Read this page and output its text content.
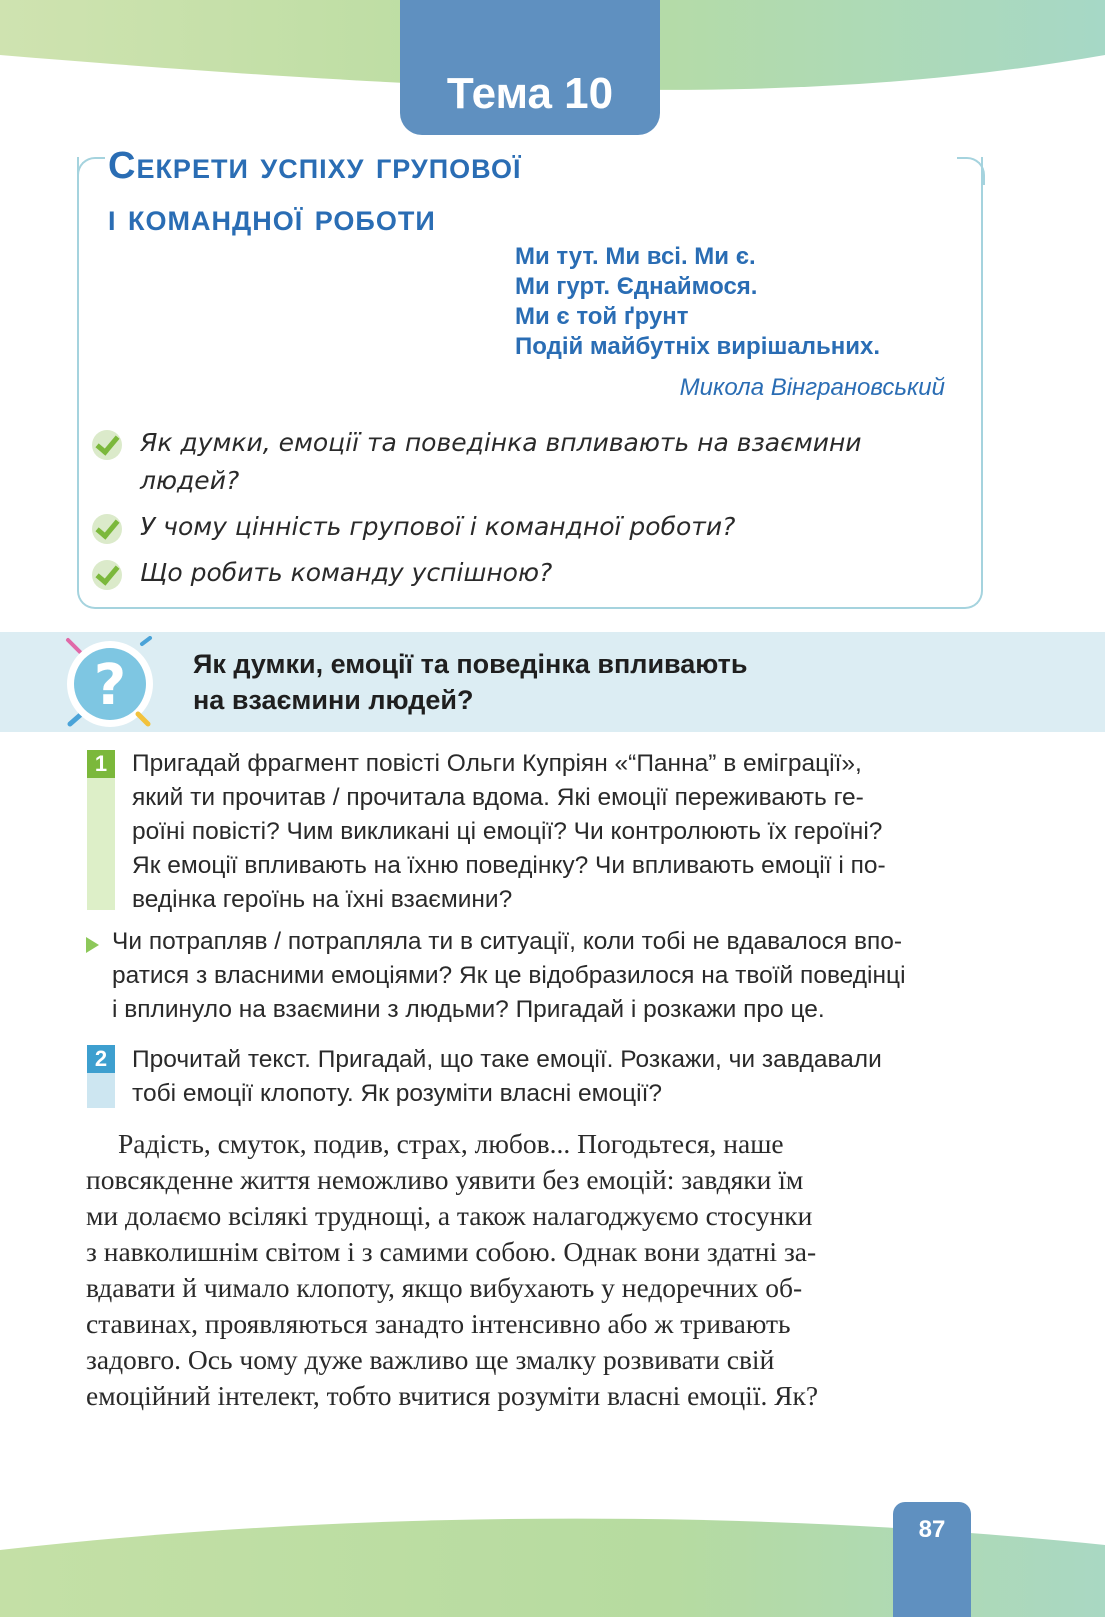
Тема 10
Секрети успіху групової
і командної роботи
Ми тут. Ми всі. Ми є.
Ми гурт. Єднаймося.
Ми є той ґрунт
Подій майбутніх вирішальних.
Микола Вінграновський
Як думки, емоції та поведінка впливають на взаємини людей?
У чому цінність групової і командної роботи?
Що робить команду успішною?
? Як думки, емоції та поведінка впливають
на взаємини людей?
1	Пригадай фрагмент повісті Ольги Купріян «“Панна” в еміграції»,
який ти прочитав / прочитала вдома. Які емоції переживають ге-
роїні повісті? Чим викликані ці емоції? Чи контролюють їх героїні?
Як емоції впливають на їхню поведінку? Чи впливають емоції і по-
ведінка героїнь на їхні взаємини?
Чи потрапляв / потрапляла ти в ситуації, коли тобі не вдавалося впо-
ратися з власними емоціями? Як це відобразилося на твоїй поведінці
і вплинуло на взаємини з людьми? Пригадай і розкажи про це.
2	Прочитай текст. Пригадай, що таке емоції. Розкажи, чи завдавали
тобі емоції клопоту. Як розуміти власні емоції?
Радість, смуток, подив, страх, любов... Погодьтеся, наше
повсякденне життя неможливо уявити без емоцій: завдяки їм
ми долаємо всілякі труднощі, а також налагоджуємо стосунки
з навколишнім світом і з самими собою. Однак вони здатні за-
вдавати й чимало клопоту, якщо вибухають у недоречних об-
ставинах, проявляються занадто інтенсивно або ж тривають
задовго. Ось чому дуже важливо ще змалку розвивати свій
емоційний інтелект, тобто вчитися розуміти власні емоції. Як?
87
